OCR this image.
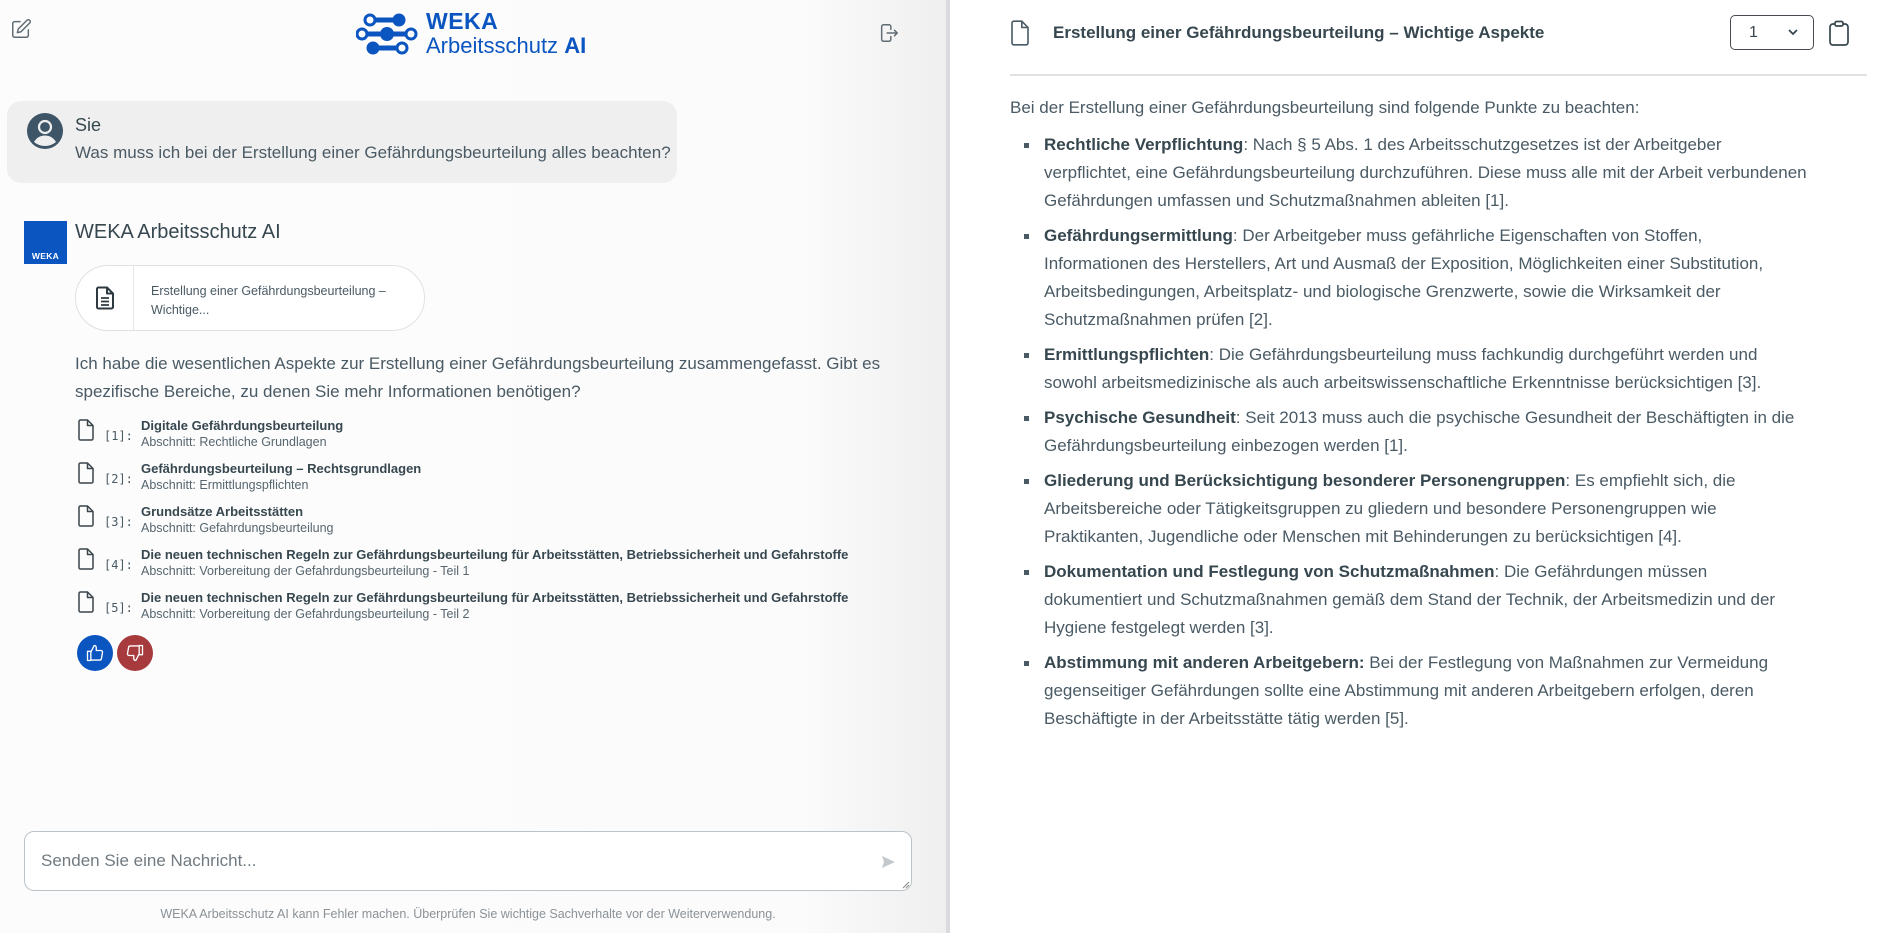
WEKA
Arbeitsschutz AI
Sie
Was muss ich bei der Erstellung einer Gefährdungsbeurteilung alles beachten?
WEKA
WEKA Arbeitsschutz AI
Erstellung einer Gefährdungsbeurteilung – Wichtige...
Ich habe die wesentlichen Aspekte zur Erstellung einer Gefährdungsbeurteilung zusammengefasst. Gibt es spezifische Bereiche, zu denen Sie mehr Informationen benötigen?
[1]:
Digitale Gefährdungsbeurteilung
Abschnitt: Rechtliche Grundlagen
[2]:
Gefährdungsbeurteilung – Rechtsgrundlagen
Abschnitt: Ermittlungspflichten
[3]:
Grundsätze Arbeitsstätten
Abschnitt: Gefahrdungsbeurteilung
[4]:
Die neuen technischen Regeln zur Gefährdungsbeurteilung für Arbeitsstätten, Betriebssicherheit und Gefahrstoffe
Abschnitt: Vorbereitung der Gefahrdungsbeurteilung - Teil 1
[5]:
Die neuen technischen Regeln zur Gefährdungsbeurteilung für Arbeitsstätten, Betriebssicherheit und Gefahrstoffe
Abschnitt: Vorbereitung der Gefahrdungsbeurteilung - Teil 2
Senden Sie eine Nachricht...
WEKA Arbeitsschutz AI kann Fehler machen. Überprüfen Sie wichtige Sachverhalte vor der Weiterverwendung.
Erstellung einer Gefährdungsbeurteilung – Wichtige Aspekte	1

Bei der Erstellung einer Gefährdungsbeurteilung sind folgende Punkte zu beachten:

Rechtliche Verpflichtung: Nach § 5 Abs. 1 des Arbeitsschutzgesetzes ist der Arbeitgeber verpflichtet, eine Gefährdungsbeurteilung durchzuführen. Diese muss alle mit der Arbeit verbundenen Gefährdungen umfassen und Schutzmaßnahmen ableiten [1].
Gefährdungsermittlung: Der Arbeitgeber muss gefährliche Eigenschaften von Stoffen, Informationen des Herstellers, Art und Ausmaß der Exposition, Möglichkeiten einer Substitution, Arbeitsbedingungen, Arbeitsplatz- und biologische Grenzwerte, sowie die Wirksamkeit der Schutzmaßnahmen prüfen [2].
Ermittlungspflichten: Die Gefährdungsbeurteilung muss fachkundig durchgeführt werden und sowohl arbeitsmedizinische als auch arbeitswissenschaftliche Erkenntnisse berücksichtigen [3].
Psychische Gesundheit: Seit 2013 muss auch die psychische Gesundheit der Beschäftigten in die Gefährdungsbeurteilung einbezogen werden [1].
Gliederung und Berücksichtigung besonderer Personengruppen: Es empfiehlt sich, die Arbeitsbereiche oder Tätigkeitsgruppen zu gliedern und besondere Personengruppen wie Praktikanten, Jugendliche oder Menschen mit Behinderungen zu berücksichtigen [4].
Dokumentation und Festlegung von Schutzmaßnahmen: Die Gefährdungen müssen dokumentiert und Schutzmaßnahmen gemäß dem Stand der Technik, der Arbeitsmedizin und der Hygiene festgelegt werden [3].
Abstimmung mit anderen Arbeitgebern: Bei der Festlegung von Maßnahmen zur Vermeidung gegenseitiger Gefährdungen sollte eine Abstimmung mit anderen Arbeitgebern erfolgen, deren Beschäftigte in der Arbeitsstätte tätig werden [5].
